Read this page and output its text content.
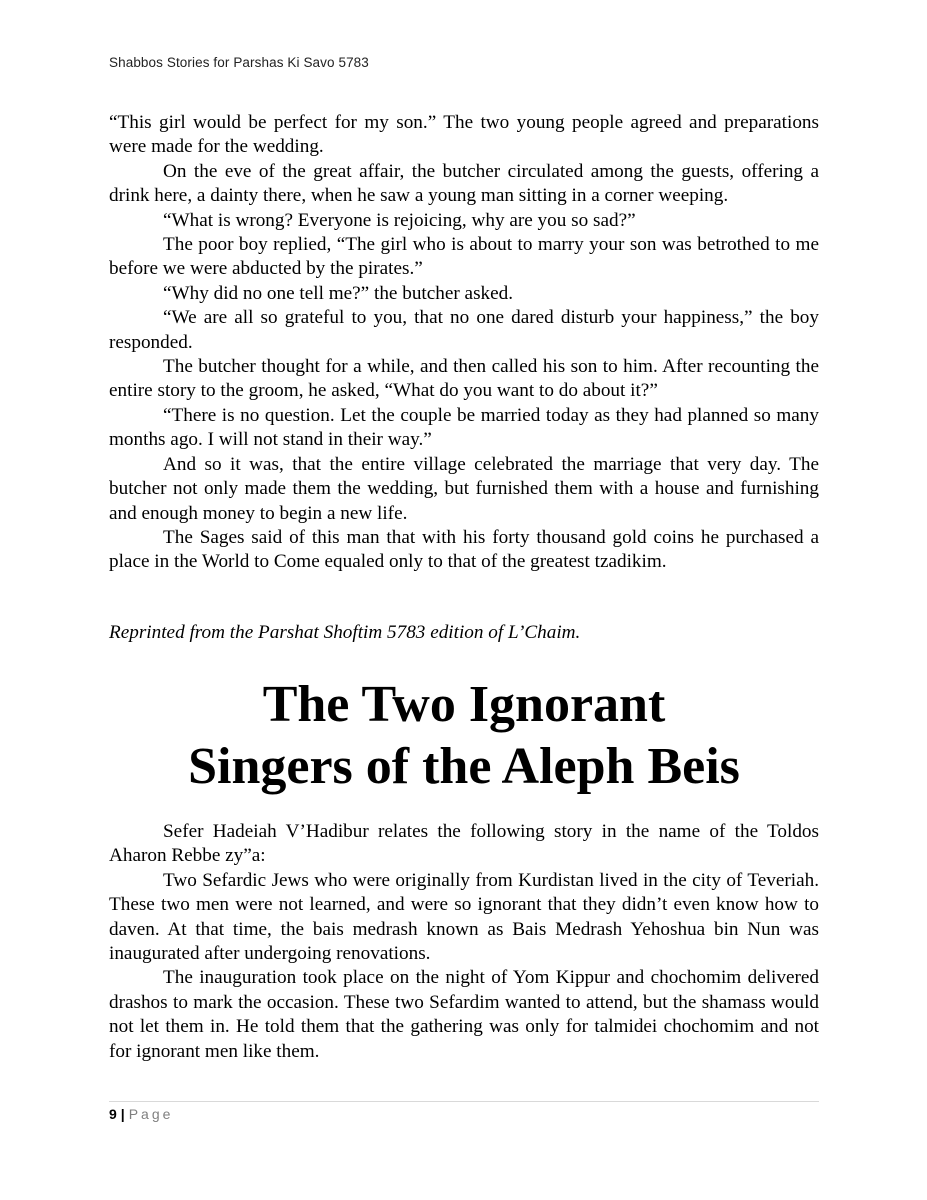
Shabbos Stories for Parshas Ki Savo 5783

“This girl would be perfect for my son.” The two young people agreed and preparations were made for the wedding.

On the eve of the great affair, the butcher circulated among the guests, offering a drink here, a dainty there, when he saw a young man sitting in a corner weeping.

“What is wrong? Everyone is rejoicing, why are you so sad?”

The poor boy replied, “The girl who is about to marry your son was betrothed to me before we were abducted by the pirates.”

“Why did no one tell me?” the butcher asked.

“We are all so grateful to you, that no one dared disturb your happiness,” the boy responded.

The butcher thought for a while, and then called his son to him. After recounting the entire story to the groom, he asked, “What do you want to do about it?”

“There is no question. Let the couple be married today as they had planned so many months ago. I will not stand in their way.”

And so it was, that the entire village celebrated the marriage that very day. The butcher not only made them the wedding, but furnished them with a house and furnishing and enough money to begin a new life.

The Sages said of this man that with his forty thousand gold coins he purchased a place in the World to Come equaled only to that of the greatest tzadikim.

Reprinted from the Parshat Shoftim 5783 edition of L’Chaim.
The Two Ignorant
Singers of the Aleph Beis

Sefer Hadeiah V’Hadibur relates the following story in the name of the Toldos Aharon Rebbe zy”a:

Two Sefardic Jews who were originally from Kurdistan lived in the city of Teveriah. These two men were not learned, and were so ignorant that they didn’t even know how to daven. At that time, the bais medrash known as Bais Medrash Yehoshua bin Nun was inaugurated after undergoing renovations.

The inauguration took place on the night of Yom Kippur and chochomim delivered drashos to mark the occasion. These two Sefardim wanted to attend, but the shamass would not let them in. He told them that the gathering was only for talmidei chochomim and not for ignorant men like them.

9 | Page
